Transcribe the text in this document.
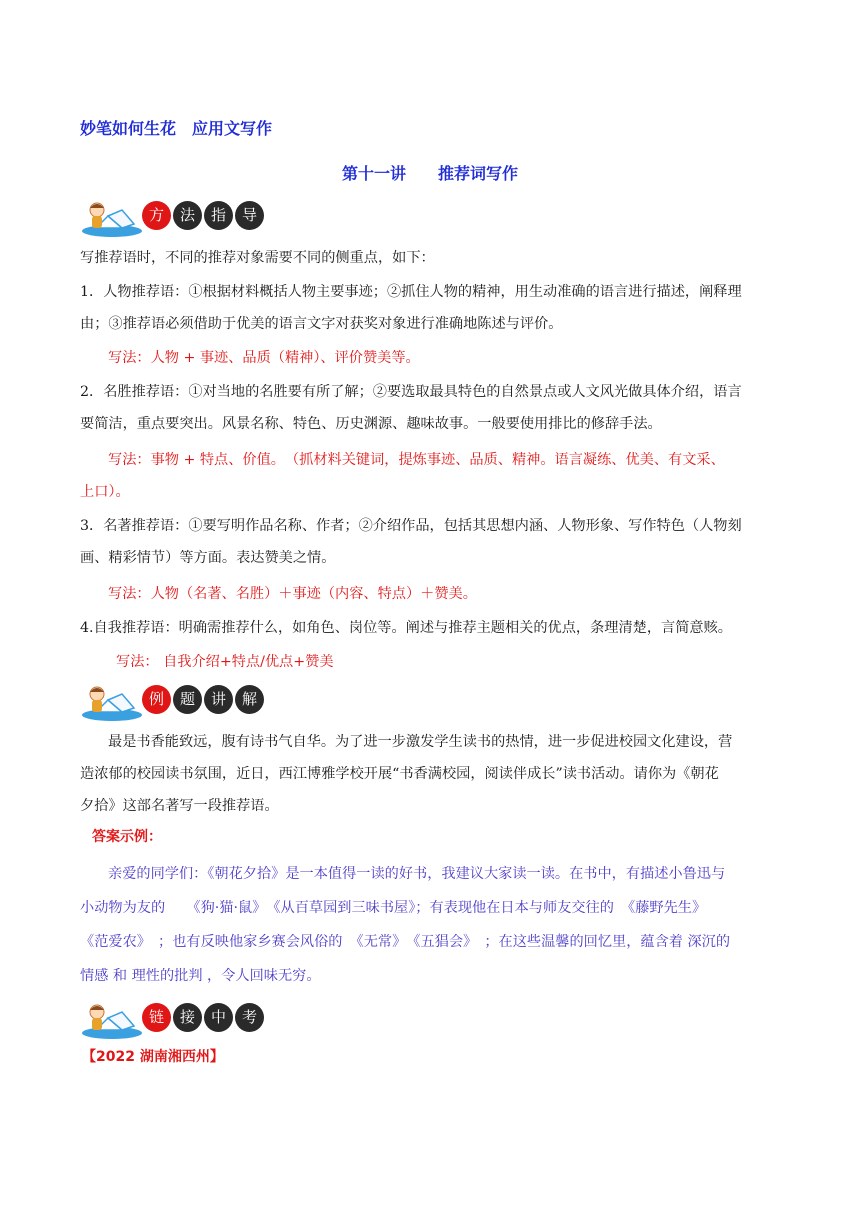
妙笔如何生花　应用文写作
第十一讲　　推荐词写作
方	法	指	导
写推荐语时，不同的推荐对象需要不同的侧重点，如下：
1．人物推荐语：①根据材料概括人物主要事迹；②抓住人物的精神，用生动准确的语言进行描述，阐释理
由；③推荐语必须借助于优美的语言文字对获奖对象进行准确地陈述与评价。
写法：人物 + 事迹、品质（精神）、评价赞美等。
2．名胜推荐语：①对当地的名胜要有所了解；②要选取最具特色的自然景点或人文风光做具体介绍，语言
要简洁，重点要突出。风景名称、特色、历史渊源、趣味故事。一般要使用排比的修辞手法。
写法：事物 + 特点、价值。　（抓材料关键词，提炼事迹、品质、精神。语言凝练、优美、有文采、
上口）。
3．名著推荐语：①要写明作品名称、作者；②介绍作品，包括其思想内涵、人物形象、写作特色（人物刻
画、精彩情节）等方面。表达赞美之情。
写法：人物（名著、名胜）＋事迹（内容、特点）＋赞美。
4.自我推荐语：明确需推荐什么，如角色、岗位等。阐述与推荐主题相关的优点，条理清楚，言简意赅。
写法： 自我介绍+特点/优点+赞美
例	题	讲	解
最是书香能致远，腹有诗书气自华。为了进一步激发学生读书的热情，进一步促进校园文化建设，营
造浓郁的校园读书氛围，近日，西江博雅学校开展“书香满校园，阅读伴成长”读书活动。请你为《朝花
夕拾》这部名著写一段推荐语。
答案示例：
亲爱的同学们：《朝花夕拾》是一本值得一读的好书，我建议大家读一读。在书中，有描述小鲁迅与
小动物为友的　　《狗·猫·鼠》　《从百草园到三味书屋》；有表现他在日本与师友交往的　《藤野先生》
《范爱农》　；也有反映他家乡赛会风俗的　《无常》　《五猖会》　；在这些温馨的回忆里，蕴含着 深沉的
情感 和 理性的批判 ，令人回味无穷。
链	接	中	考
【2022 湖南湘西州】
